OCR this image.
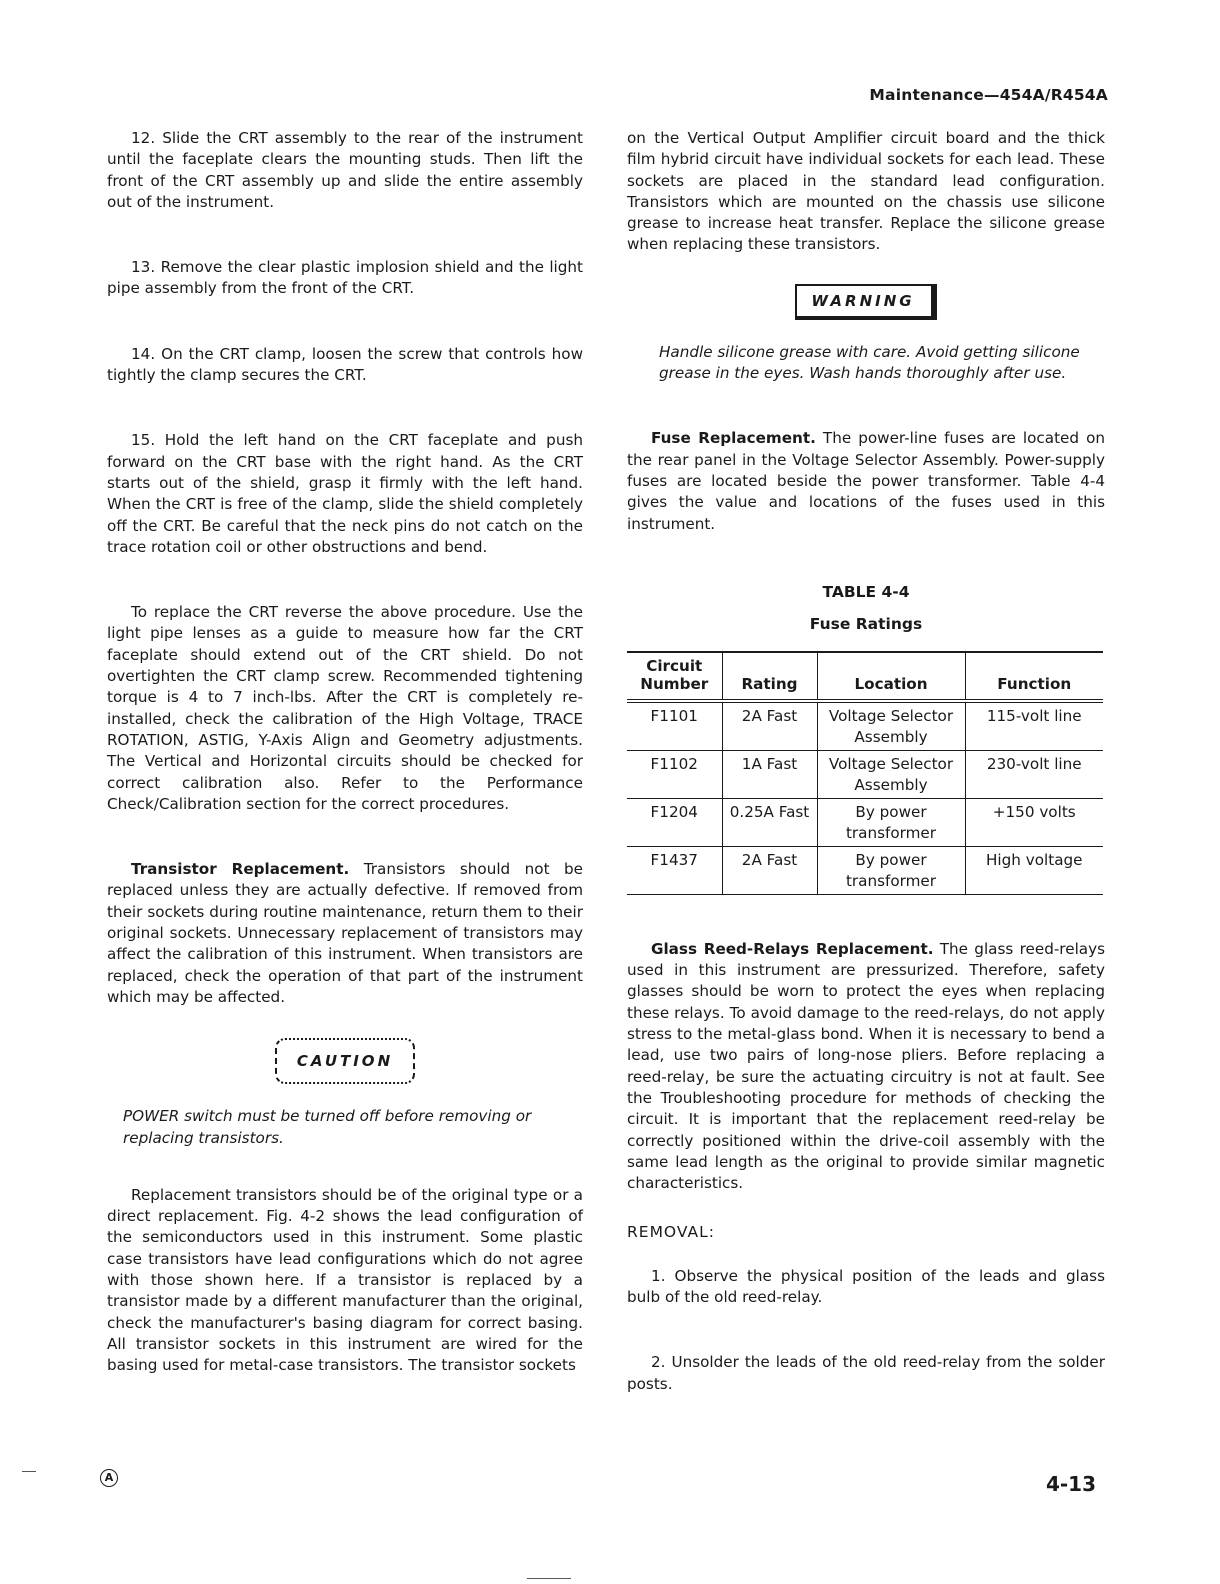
Maintenance—454A/R454A

12. Slide the CRT assembly to the rear of the instrument until the faceplate clears the mounting studs. Then lift the front of the CRT assembly up and slide the entire assembly out of the instrument.

13. Remove the clear plastic implosion shield and the light pipe assembly from the front of the CRT.

14. On the CRT clamp, loosen the screw that controls how tightly the clamp secures the CRT.

15. Hold the left hand on the CRT faceplate and push forward on the CRT base with the right hand. As the CRT starts out of the shield, grasp it firmly with the left hand. When the CRT is free of the clamp, slide the shield completely off the CRT. Be careful that the neck pins do not catch on the trace rotation coil or other obstructions and bend.

To replace the CRT reverse the above procedure. Use the light pipe lenses as a guide to measure how far the CRT faceplate should extend out of the CRT shield. Do not overtighten the CRT clamp screw. Recommended tightening torque is 4 to 7 inch-lbs. After the CRT is completely re-installed, check the calibration of the High Voltage, TRACE ROTATION, ASTIG, Y-Axis Align and Geometry adjustments. The Vertical and Horizontal circuits should be checked for correct calibration also. Refer to the Performance Check/Calibration section for the correct procedures.

Transistor Replacement. Transistors should not be replaced unless they are actually defective. If removed from their sockets during routine maintenance, return them to their original sockets. Unnecessary replacement of transistors may affect the calibration of this instrument. When transistors are replaced, check the operation of that part of the instrument which may be affected.

CAUTION

POWER switch must be turned off before removing or replacing transistors.

Replacement transistors should be of the original type or a direct replacement. Fig. 4-2 shows the lead configuration of the semiconductors used in this instrument. Some plastic case transistors have lead configurations which do not agree with those shown here. If a transistor is replaced by a transistor made by a different manufacturer than the original, check the manufacturer's basing diagram for correct basing. All transistor sockets in this instrument are wired for the basing used for metal-case transistors. The transistor sockets

on the Vertical Output Amplifier circuit board and the thick film hybrid circuit have individual sockets for each lead. These sockets are placed in the standard lead configuration. Transistors which are mounted on the chassis use silicone grease to increase heat transfer. Replace the silicone grease when replacing these transistors.

WARNING

Handle silicone grease with care. Avoid getting silicone grease in the eyes. Wash hands thoroughly after use.

Fuse Replacement. The power-line fuses are located on the rear panel in the Voltage Selector Assembly. Power-supply fuses are located beside the power transformer. Table 4-4 gives the value and locations of the fuses used in this instrument.

TABLE 4-4
Fuse Ratings
Circuit Number	Rating	Location	Function
F1101	2A Fast	Voltage Selector Assembly	115-volt line
F1102	1A Fast	Voltage Selector Assembly	230-volt line
F1204	0.25A Fast	By power transformer	+150 volts
F1437	2A Fast	By power transformer	High voltage

Glass Reed-Relays Replacement. The glass reed-relays used in this instrument are pressurized. Therefore, safety glasses should be worn to protect the eyes when replacing these relays. To avoid damage to the reed-relays, do not apply stress to the metal-glass bond. When it is necessary to bend a lead, use two pairs of long-nose pliers. Before replacing a reed-relay, be sure the actuating circuitry is not at fault. See the Troubleshooting procedure for methods of checking the circuit. It is important that the replacement reed-relay be correctly positioned within the drive-coil assembly with the same lead length as the original to provide similar magnetic characteristics.

REMOVAL:

1. Observe the physical position of the leads and glass bulb of the old reed-relay.

2. Unsolder the leads of the old reed-relay from the solder posts.

A	4-13
